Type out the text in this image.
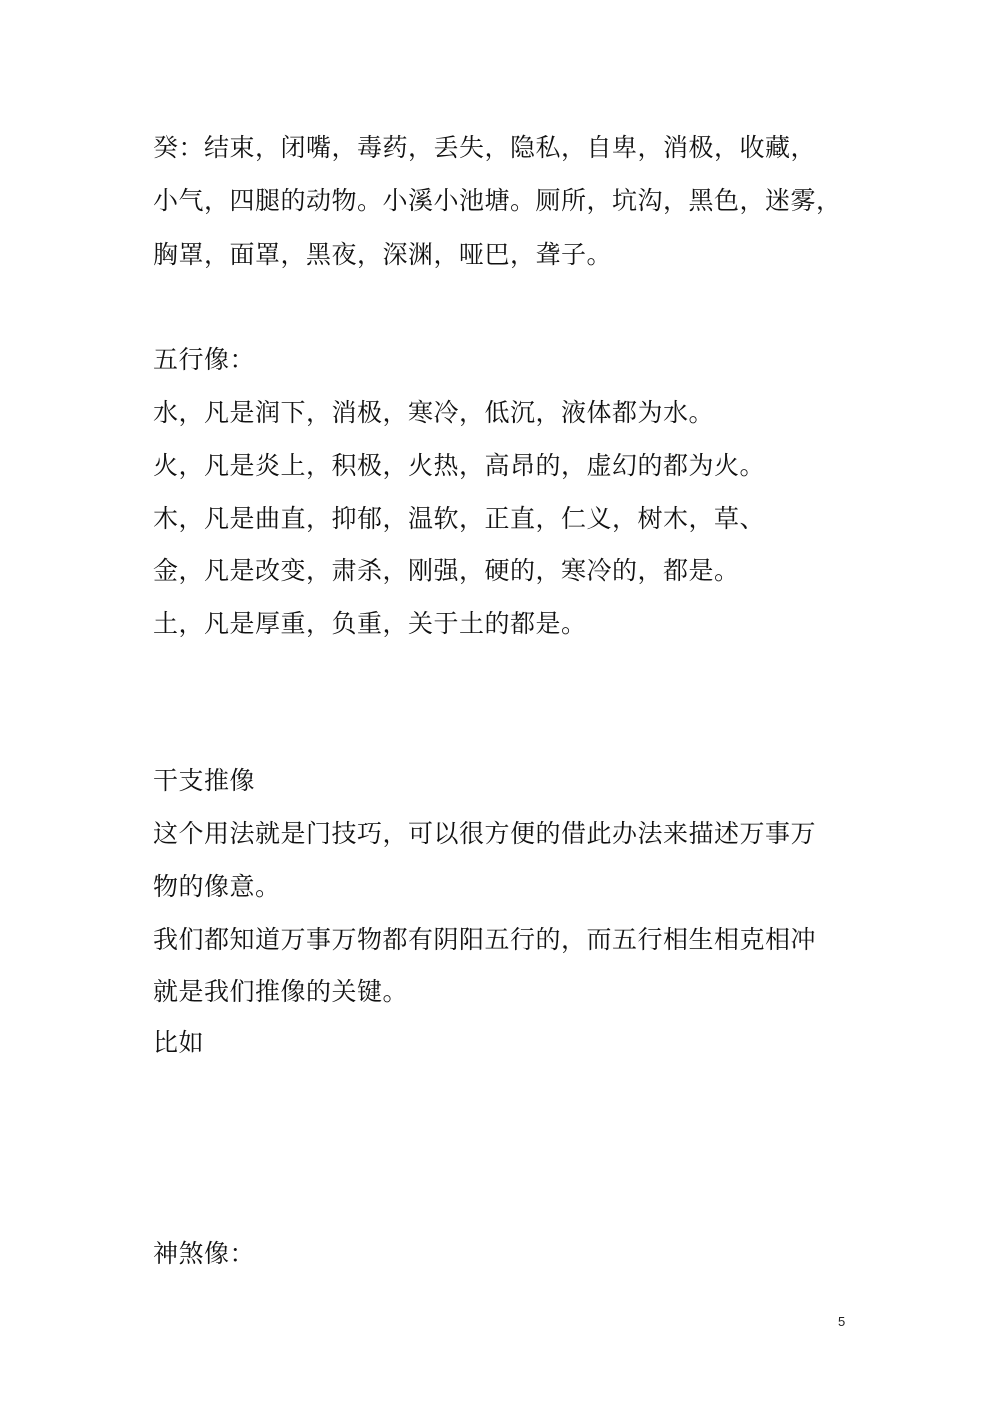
癸：结束，闭嘴，毒药，丢失，隐私，自卑，消极，收藏，
小气，四腿的动物。小溪小池塘。厕所，坑沟，黑色，迷雾，
胸罩，面罩，黑夜，深渊，哑巴，聋子。
五行像：
水，凡是润下，消极，寒冷，低沉，液体都为水。
火，凡是炎上，积极，火热，高昂的，虚幻的都为火。
木，凡是曲直，抑郁，温软，正直，仁义，树木，草、
金，凡是改变，肃杀，刚强，硬的，寒冷的，都是。
土，凡是厚重，负重，关于土的都是。
干支推像
这个用法就是门技巧，可以很方便的借此办法来描述万事万
物的像意。
我们都知道万事万物都有阴阳五行的，而五行相生相克相冲
就是我们推像的关键。
比如
神煞像：
5
